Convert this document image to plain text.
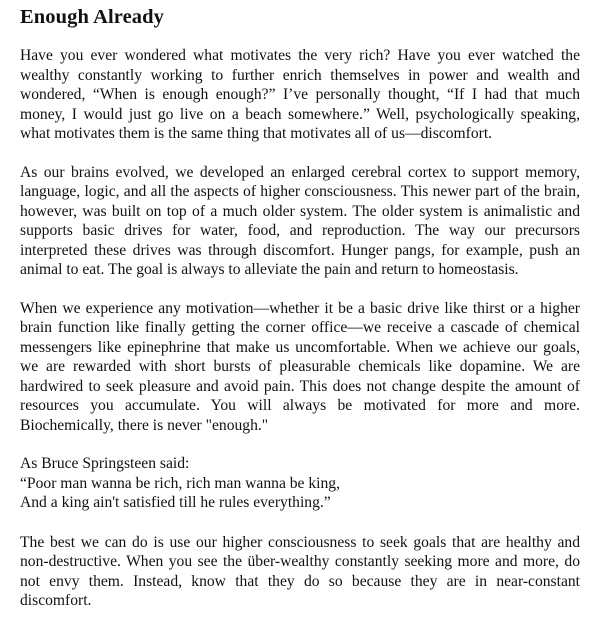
Enough Already

Have you ever wondered what motivates the very rich? Have you ever watched the wealthy constantly working to further enrich themselves in power and wealth and wondered, “When is enough enough?” I’ve personally thought, “If I had that much money, I would just go live on a beach somewhere.” Well, psychologically speaking, what motivates them is the same thing that motivates all of us—discomfort.

As our brains evolved, we developed an enlarged cerebral cortex to support memory, language, logic, and all the aspects of higher consciousness. This newer part of the brain, however, was built on top of a much older system. The older system is animalistic and supports basic drives for water, food, and reproduction. The way our precursors interpreted these drives was through discomfort. Hunger pangs, for example, push an animal to eat. The goal is always to alleviate the pain and return to homeostasis.

When we experience any motivation—whether it be a basic drive like thirst or a higher brain function like finally getting the corner office—we receive a cascade of chemical messengers like epinephrine that make us uncomfortable. When we achieve our goals, we are rewarded with short bursts of pleasurable chemicals like dopamine. We are hardwired to seek pleasure and avoid pain. This does not change despite the amount of resources you accumulate. You will always be motivated for more and more. Biochemically, there is never "enough."

As Bruce Springsteen said:
“Poor man wanna be rich, rich man wanna be king,
And a king ain't satisfied till he rules everything.”

The best we can do is use our higher consciousness to seek goals that are healthy and non-destructive. When you see the über-wealthy constantly seeking more and more, do not envy them. Instead, know that they do so because they are in near-constant discomfort.
